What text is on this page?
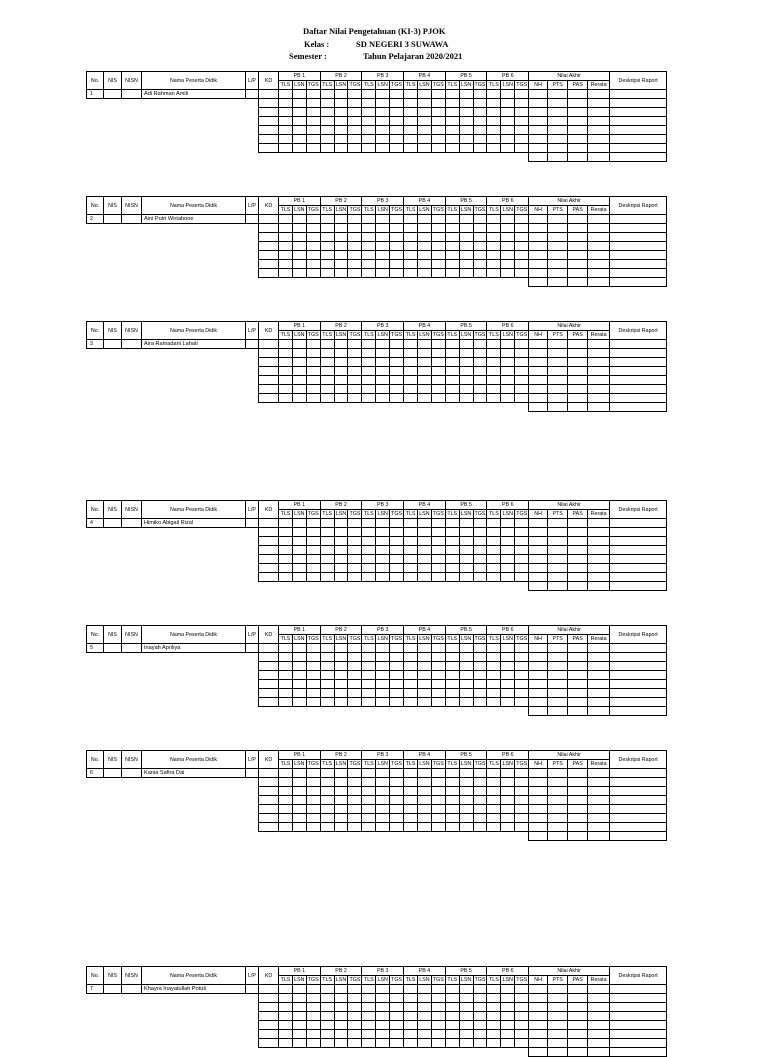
Daftar Nilai Pengetahuan (KI-3) PJOK
Kelas :	SD NEGERI 3 SUWAWA
Semester :	Tahun Pelajaran 2020/2021
No.	NIS	NISN	Nama Peserta Didik	L/P	KD	PB 1			PB 2			PB 3			PB 4			PB 5			PB 6			Nilai Akhir				Deskripsi Raport	
						TLS	LSN	TGS	TLS	LSN	TGS	TLS	LSN	TGS	TLS	LSN	TGS	TLS	LSN	TGS	TLS	LSN	TGS	NH	PTS	PAS	Rerata		
1			Adi Rahman Amili																														

No.	NIS	NISN	Nama Peserta Didik	L/P	KD	PB 1			PB 2			PB 3			PB 4			PB 5			PB 6			Nilai Akhir				Deskripsi Raport	
						TLS	LSN	TGS	TLS	LSN	TGS	TLS	LSN	TGS	TLS	LSN	TGS	TLS	LSN	TGS	TLS	LSN	TGS	NH	PTS	PAS	Rerata		
2			Aini Putri Wirtabone																														

No.	NIS	NISN	Nama Peserta Didik	L/P	KD	PB 1			PB 2			PB 3			PB 4			PB 5			PB 6			Nilai Akhir				Deskripsi Raport	
						TLS	LSN	TGS	TLS	LSN	TGS	TLS	LSN	TGS	TLS	LSN	TGS	TLS	LSN	TGS	TLS	LSN	TGS	NH	PTS	PAS	Rerata		
3			Aira Ramadani Lahati																														

No.	NIS	NISN	Nama Peserta Didik	L/P	KD	PB 1			PB 2			PB 3			PB 4			PB 5			PB 6			Nilai Akhir				Deskripsi Raport	
						TLS	LSN	TGS	TLS	LSN	TGS	TLS	LSN	TGS	TLS	LSN	TGS	TLS	LSN	TGS	TLS	LSN	TGS	NH	PTS	PAS	Rerata		
4			Himiko Abigail Rizal																														

No.	NIS	NISN	Nama Peserta Didik	L/P	KD	PB 1			PB 2			PB 3			PB 4			PB 5			PB 6			Nilai Akhir				Deskripsi Raport	
						TLS	LSN	TGS	TLS	LSN	TGS	TLS	LSN	TGS	TLS	LSN	TGS	TLS	LSN	TGS	TLS	LSN	TGS	NH	PTS	PAS	Rerata		
5			Inayah Apriliya																														

No.	NIS	NISN	Nama Peserta Didik	L/P	KD	PB 1			PB 2			PB 3			PB 4			PB 5			PB 6			Nilai Akhir				Deskripsi Raport	
						TLS	LSN	TGS	TLS	LSN	TGS	TLS	LSN	TGS	TLS	LSN	TGS	TLS	LSN	TGS	TLS	LSN	TGS	NH	PTS	PAS	Rerata		
6			Kania Safira Dai																														

No.	NIS	NISN	Nama Peserta Didik	L/P	KD	PB 1			PB 2			PB 3			PB 4			PB 5			PB 6			Nilai Akhir				Deskripsi Raport	
						TLS	LSN	TGS	TLS	LSN	TGS	TLS	LSN	TGS	TLS	LSN	TGS	TLS	LSN	TGS	TLS	LSN	TGS	NH	PTS	PAS	Rerata		
7			Khayra Inayatullah Potuti																														
